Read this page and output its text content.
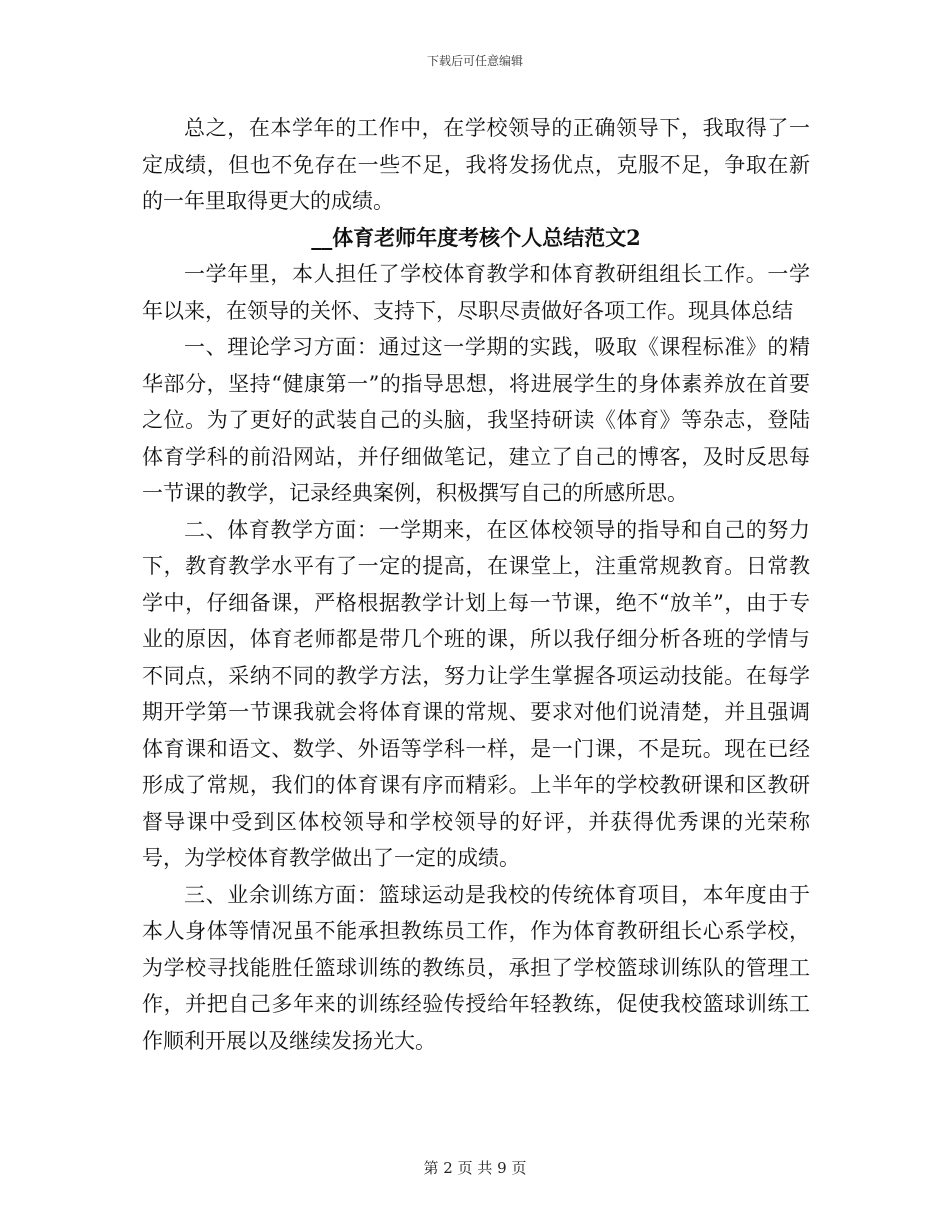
下载后可任意编辑

总之，在本学年的工作中，在学校领导的正确领导下，我取得了一定成绩，但也不免存在一些不足，我将发扬优点，克服不足，争取在新的一年里取得更大的成绩。

__体育老师年度考核个人总结范文2

一学年里，本人担任了学校体育教学和体育教研组组长工作。一学年以来，在领导的关怀、支持下，尽职尽责做好各项工作。现具体总结

一、理论学习方面：通过这一学期的实践，吸取《课程标准》的精华部分，坚持“健康第一”的指导思想，将进展学生的身体素养放在首要之位。为了更好的武装自己的头脑，我坚持研读《体育》等杂志，登陆体育学科的前沿网站，并仔细做笔记，建立了自己的博客，及时反思每一节课的教学，记录经典案例，积极撰写自己的所感所思。

二、体育教学方面：一学期来，在区体校领导的指导和自己的努力下，教育教学水平有了一定的提高，在课堂上，注重常规教育。日常教学中，仔细备课，严格根据教学计划上每一节课，绝不“放羊”，由于专业的原因，体育老师都是带几个班的课，所以我仔细分析各班的学情与不同点，采纳不同的教学方法，努力让学生掌握各项运动技能。在每学期开学第一节课我就会将体育课的常规、要求对他们说清楚，并且强调体育课和语文、数学、外语等学科一样，是一门课，不是玩。现在已经形成了常规，我们的体育课有序而精彩。上半年的学校教研课和区教研督导课中受到区体校领导和学校领导的好评，并获得优秀课的光荣称号，为学校体育教学做出了一定的成绩。

三、业余训练方面：篮球运动是我校的传统体育项目，本年度由于本人身体等情况虽不能承担教练员工作，作为体育教研组长心系学校，为学校寻找能胜任篮球训练的教练员，承担了学校篮球训练队的管理工作，并把自己多年来的训练经验传授给年轻教练，促使我校篮球训练工作顺利开展以及继续发扬光大。

第 2 页 共 9 页
